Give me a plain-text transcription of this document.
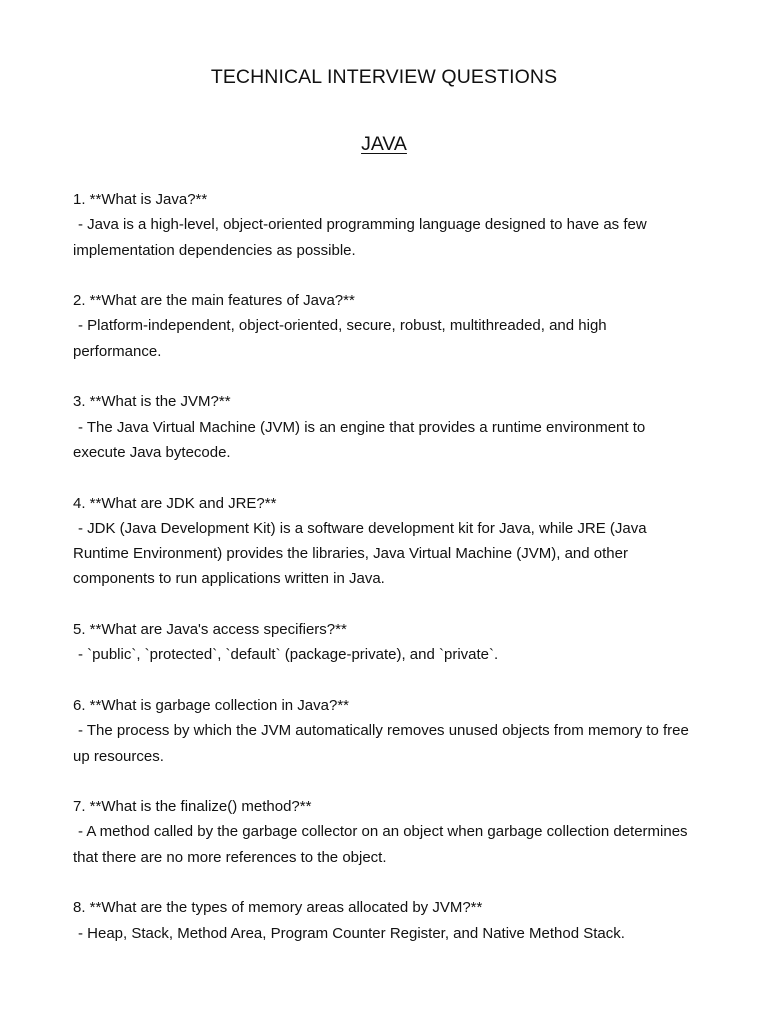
TECHNICAL INTERVIEW QUESTIONS
JAVA
1. **What is Java?**
- Java is a high-level, object-oriented programming language designed to have as few implementation dependencies as possible.
2. **What are the main features of Java?**
- Platform-independent, object-oriented, secure, robust, multithreaded, and high performance.
3. **What is the JVM?**
- The Java Virtual Machine (JVM) is an engine that provides a runtime environment to execute Java bytecode.
4. **What are JDK and JRE?**
- JDK (Java Development Kit) is a software development kit for Java, while JRE (Java Runtime Environment) provides the libraries, Java Virtual Machine (JVM), and other components to run applications written in Java.
5. **What are Java's access specifiers?**
- `public`, `protected`, `default` (package-private), and `private`.
6. **What is garbage collection in Java?**
- The process by which the JVM automatically removes unused objects from memory to free up resources.
7. **What is the finalize() method?**
- A method called by the garbage collector on an object when garbage collection determines that there are no more references to the object.
8. **What are the types of memory areas allocated by JVM?**
- Heap, Stack, Method Area, Program Counter Register, and Native Method Stack.
